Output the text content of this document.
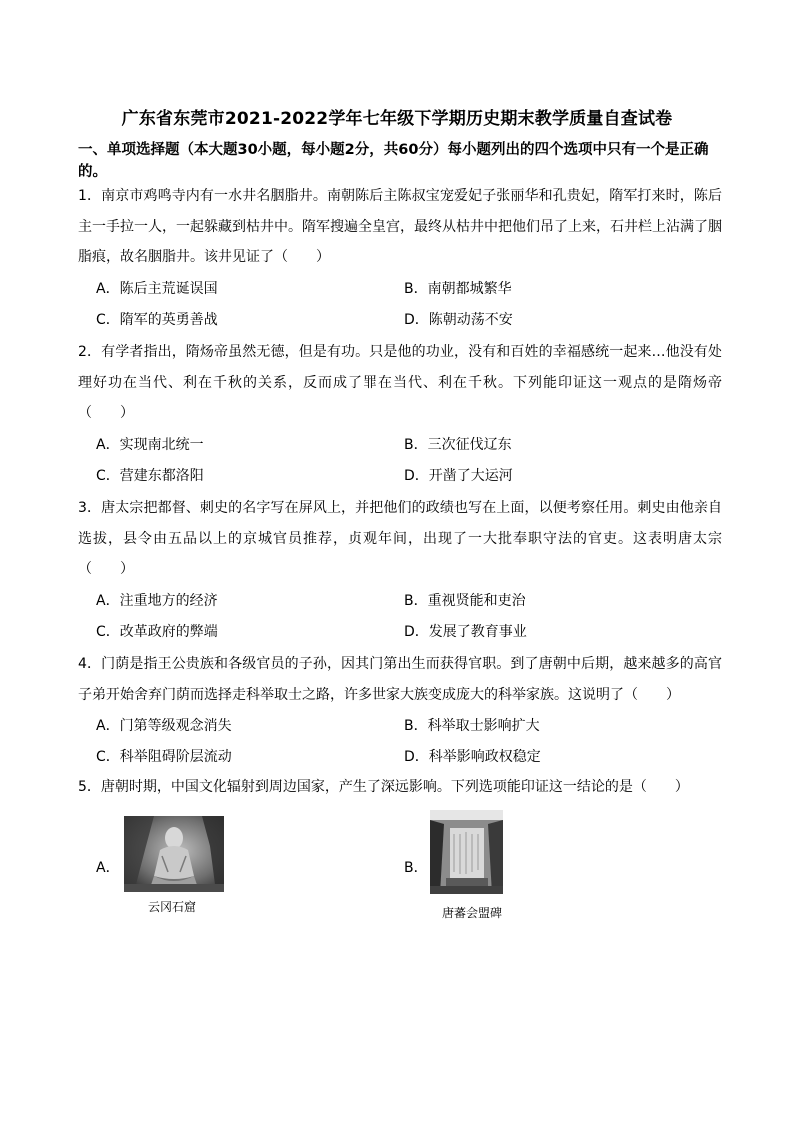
广东省东莞市2021-2022学年七年级下学期历史期末教学质量自查试卷
一、单项选择题（本大题30小题，每小题2分，共60分）每小题列出的四个选项中只有一个是正确的。
1．南京市鸡鸣寺内有一水井名胭脂井。南朝陈后主陈叔宝宠爱妃子张丽华和孔贵妃，隋军打来时，陈后主一手拉一人，一起躲藏到枯井中。隋军搜遍全皇宫，最终从枯井中把他们吊了上来，石井栏上沾满了胭脂痕，故名胭脂井。该井见证了（　　）
A．陈后主荒诞误国	B．南朝都城繁华
C．隋军的英勇善战	D．陈朝动荡不安
2．有学者指出，隋炀帝虽然无德，但是有功。只是他的功业，没有和百姓的幸福感统一起来…他没有处理好功在当代、利在千秋的关系，反而成了罪在当代、利在千秋。下列能印证这一观点的是隋炀帝（　　）
A．实现南北统一	B．三次征伐辽东
C．营建东都洛阳	D．开凿了大运河
3．唐太宗把都督、刺史的名字写在屏风上，并把他们的政绩也写在上面，以便考察任用。刺史由他亲自选拔，县令由五品以上的京城官员推荐，贞观年间，出现了一大批奉职守法的官吏。这表明唐太宗（　　）
A．注重地方的经济	B．重视贤能和吏治
C．改革政府的弊端	D．发展了教育事业
4．门荫是指王公贵族和各级官员的子孙，因其门第出生而获得官职。到了唐朝中后期，越来越多的高官子弟开始舍弃门荫而选择走科举取士之路，许多世家大族变成庞大的科举家族。这说明了（　　）
A．门第等级观念消失	B．科举取士影响扩大
C．科举阻碍阶层流动	D．科举影响政权稳定
5．唐朝时期，中国文化辐射到周边国家，产生了深远影响。下列选项能印证这一结论的是（　　）
A．
云冈石窟
B．
唐蕃会盟碑
